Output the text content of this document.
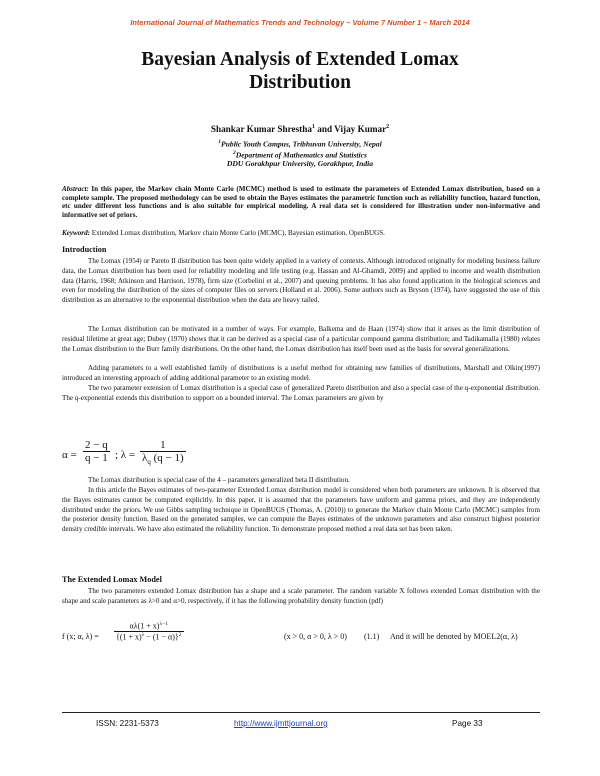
International Journal of Mathematics Trends and Technology – Volume 7 Number 1 – March 2014
Bayesian Analysis of Extended Lomax
Distribution
Shankar Kumar Shrestha$^1$ and Vijay Kumar$^2$
$^1$Public Youth Campus, Tribhuvan University, Nepal
$^2$Department of Mathematics and Statistics
DDU Gorakhpur University, Gorakhpur, India
Abstract: In this paper, the Markov chain Monte Carlo (MCMC) method is used to estimate the parameters of Extended Lomax distribution, based on a complete sample. The proposed methodology can be used to obtain the Bayes estimates the parametric function such as reliability function, hazard function, etc under different loss functions and is also suitable for empirical modeling. A real data set is considered for illustration under non-informative and informative set of priors.
Keyword: Extended Lomax distribution, Markov chain Monte Carlo (MCMC), Bayesian estimation, OpenBUGS.
Introduction
The Lomax (1954) or Pareto II distribution has been quite widely applied in a variety of contexts. Although introduced originally for modeling business failure data, the Lomax distribution has been used for reliability modeling and life testing (e.g. Hassan and Al-Ghamdi, 2009) and applied to income and wealth distribution data (Harris, 1968; Atkinson and Harrison, 1978), firm size (Corbelini et al., 2007) and queuing problems. It has also found application in the biological sciences and even for modeling the distribution of the sizes of computer files on servers (Holland et al. 2006). Some authors such as Bryson (1974), have suggested the use of this distribution as an alternative to the exponential distribution when the data are heavy tailed.
The Lomax distribution can be motivated in a number of ways. For example, Balkema and de Haan (1974) show that it arises as the limit distribution of residual lifetime at great age; Dubey (1970) shows that it can be derived as a special case of a particular compound gamma distribution; and Tadikamalla (1980) relates the Lomax distribution to the Burr family distributions. On the other hand, the Lomax distribution has itself been used as the basis for several generalizations.
Adding parameters to a well established family of distributions is a useful method for obtaining new families of distributions, Marshall and Olkin(1997) introduced an interesting approach of adding additional parameter to an existing model.
The two parameter extension of Lomax distribution is a special case of generalized Pareto distribution and also a special case of the q-exponential distribution. The q-exponential extends this distribution to support on a bounded interval. The Lomax parameters are given by
$\alpha = \frac{2 - q}{q - 1}$ ; $\lambda = \frac{1}{\lambda_q (q - 1)}$
The Lomax distribution is special case of the 4 – parameters generalized beta II distribution.
In this article the Bayes estimates of two-parameter Extended Lomax distribution model is considered when both parameters are unknown. It is observed that the Bayes estimates cannot be computed explicitly. In this paper, it is assumed that the parameters have uniform and gamma priors, and they are independently distributed under the priors. We use Gibbs sampling technique in OpenBUGS (Thomas, A. (2010)) to generate the Markov chain Monte Carlo (MCMC) samples from the posterior density function. Based on the generated samples, we can compute the Bayes estimates of the unknown parameters and also construct highest posterior density credible intervals. We have also estimated the reliability function. To demonstrate proposed method a real data set has been taken.
The Extended Lomax Model
The two parameters extended Lomax distribution has a shape and a scale parameter. The random variable X follows extended Lomax distribution with the shape and scale parameters as λ>0 and α>0, respectively, if it has the following probability density function (pdf)
f (x; α, $\lambda) = \frac{\alpha\lambda(1 + x)^{\lambda-1}}{\{(1 + x)^\lambda - (1 - \alpha)\}^2}$	(x > 0, α > 0, λ > 0) (1.1) And it will be denoted by MOEL2(α, λ)
ISSN: 2231-5373	http://www.ijmttjournal.org	Page 33
